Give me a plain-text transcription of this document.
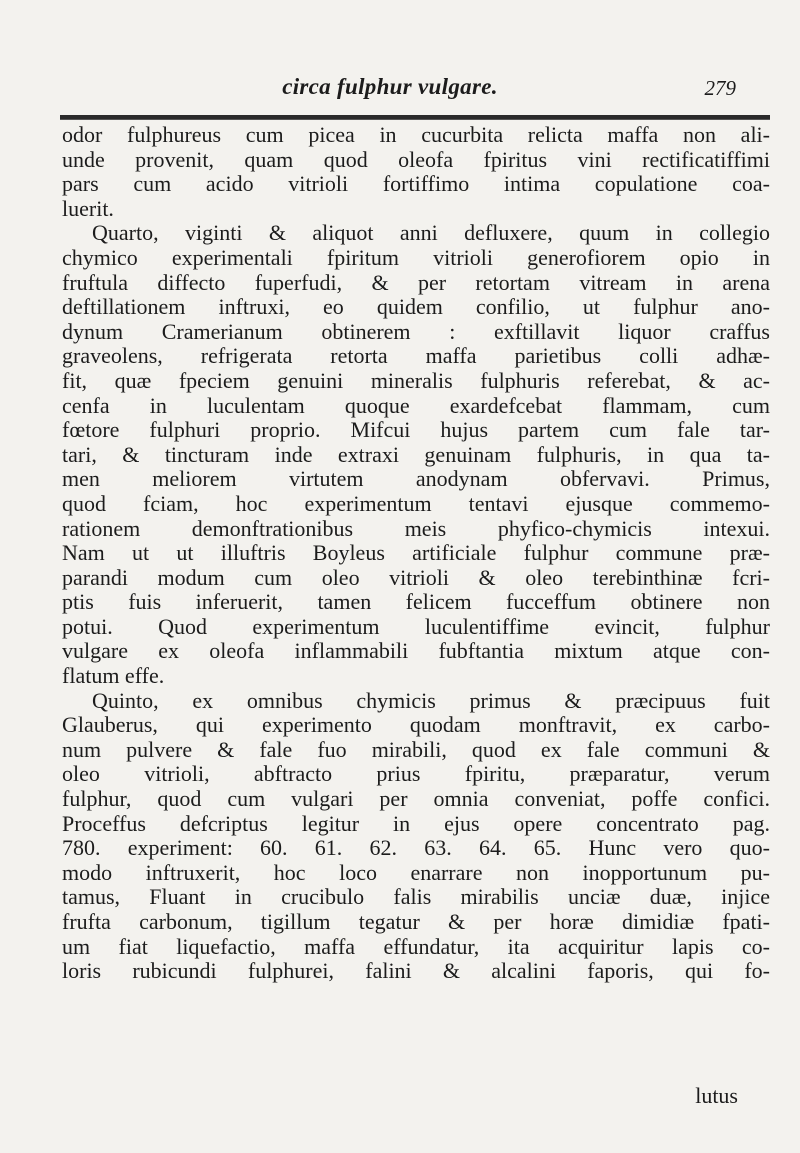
circa fulphur vulgare.	279
odor fulphureus cum picea in cucurbita relicta maffa non ali-
unde provenit, quam quod oleofa fpiritus vini rectificatiffimi
pars cum acido vitrioli fortiffimo intima copulatione coa-
luerit.
Quarto, viginti & aliquot anni defluxere, quum in collegio
chymico experimentali fpiritum vitrioli generofiorem opio in
fruftula diffecto fuperfudi, & per retortam vitream in arena
deftillationem inftruxi, eo quidem confilio, ut fulphur ano-
dynum Cramerianum obtinerem : exftillavit liquor craffus
graveolens, refrigerata retorta maffa parietibus colli adhæ-
fit, quæ fpeciem genuini mineralis fulphuris referebat, & ac-
cenfa in luculentam quoque exardefcebat flammam, cum
fœtore fulphuri proprio. Mifcui hujus partem cum fale tar-
tari, & tincturam inde extraxi genuinam fulphuris, in qua ta-
men meliorem virtutem anodynam obfervavi. Primus,
quod fciam, hoc experimentum tentavi ejusque commemo-
rationem demonftrationibus meis phyfico-chymicis intexui.
Nam ut ut illuftris Boyleus artificiale fulphur commune præ-
parandi modum cum oleo vitrioli & oleo terebinthinæ fcri-
ptis fuis inferuerit, tamen felicem fucceffum obtinere non
potui. Quod experimentum luculentiffime evincit, fulphur
vulgare ex oleofa inflammabili fubftantia mixtum atque con-
flatum effe.
Quinto, ex omnibus chymicis primus & præcipuus fuit
Glauberus, qui experimento quodam monftravit, ex carbo-
num pulvere & fale fuo mirabili, quod ex fale communi &
oleo vitrioli, abftracto prius fpiritu, præparatur, verum
fulphur, quod cum vulgari per omnia conveniat, poffe confici.
Proceffus defcriptus legitur in ejus opere concentrato pag.
780. experiment: 60. 61. 62. 63. 64. 65. Hunc vero quo-
modo inftruxerit, hoc loco enarrare non inopportunum pu-
tamus, Fluant in crucibulo falis mirabilis unciæ duæ, injice
frufta carbonum, tigillum tegatur & per horæ dimidiæ fpati-
um fiat liquefactio, maffa effundatur, ita acquiritur lapis co-
loris rubicundi fulphurei, falini & alcalini faporis, qui fo-
lutus
